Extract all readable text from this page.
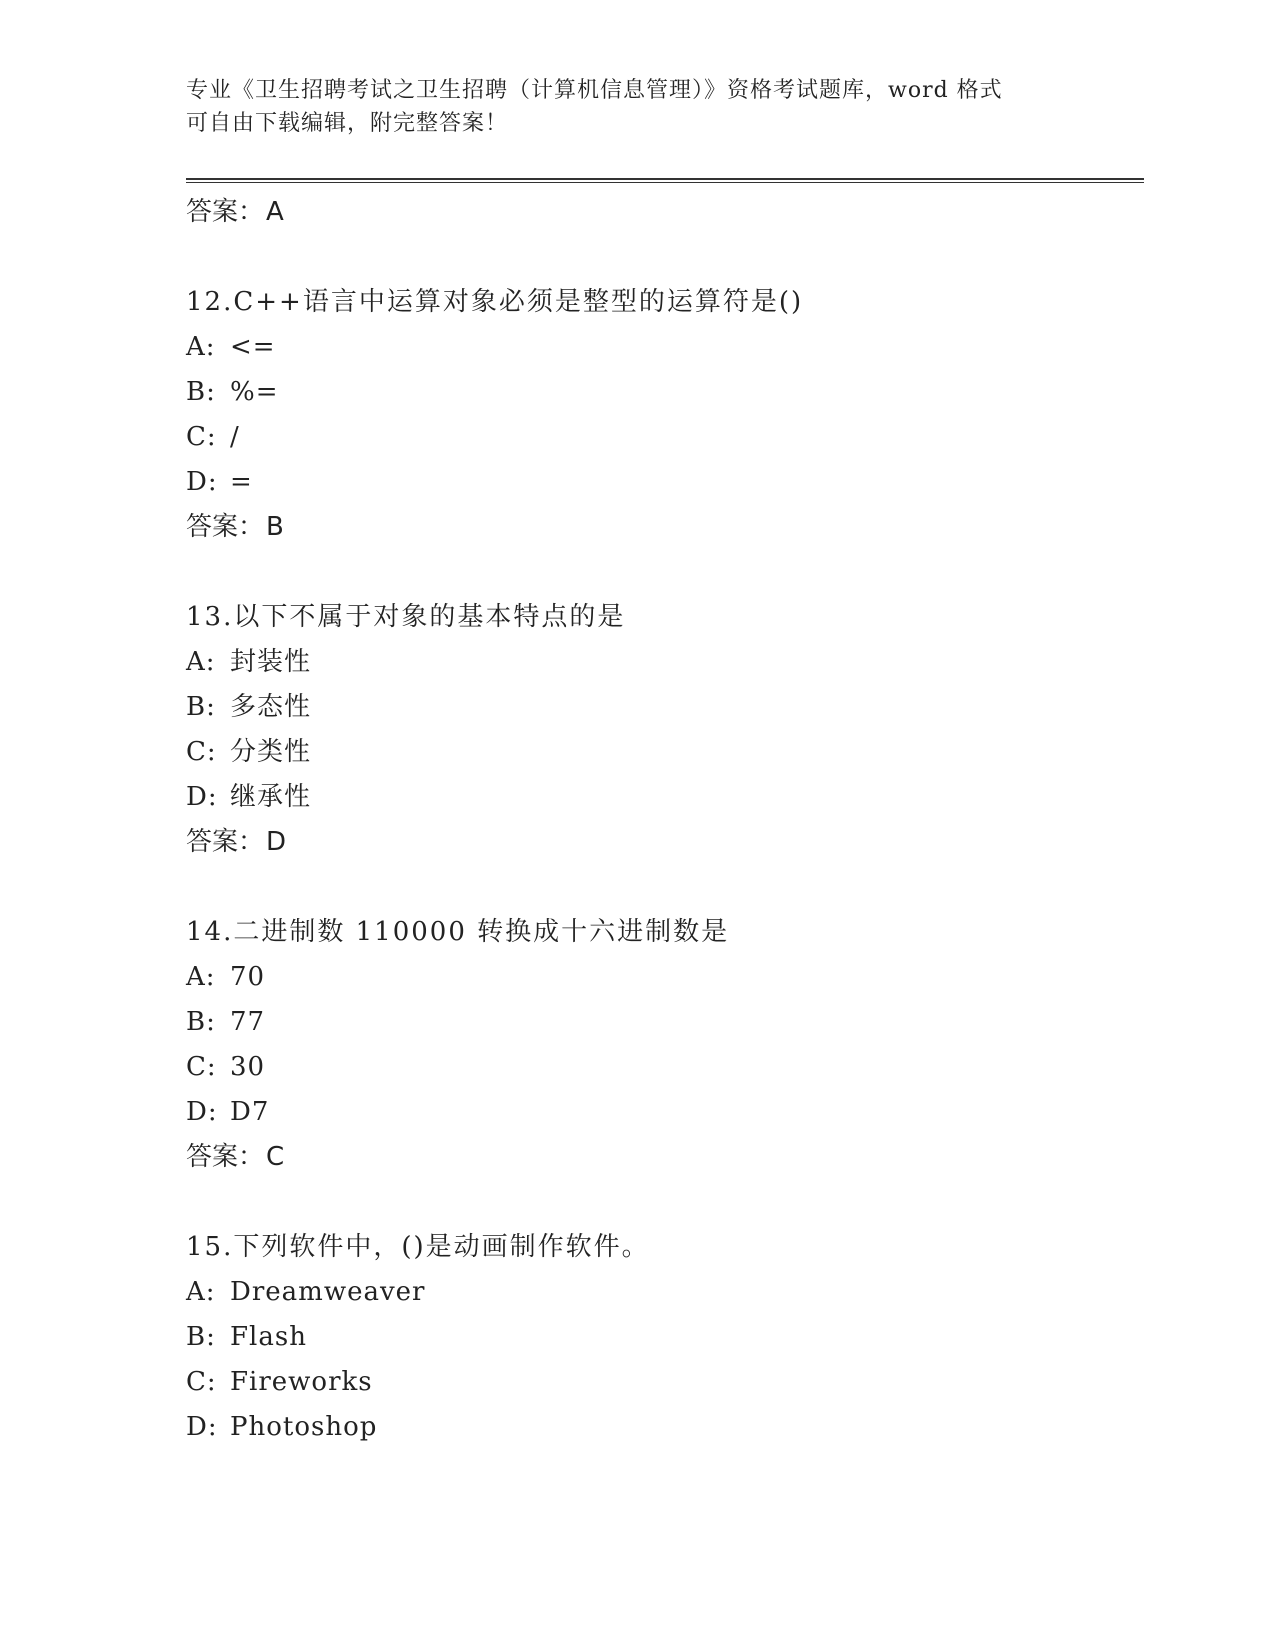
专业《卫生招聘考试之卫生招聘（计算机信息管理）》资格考试题库，word 格式
可自由下载编辑，附完整答案！
答案：A
12.C++语言中运算对象必须是整型的运算符是()
A: <=
B: %=
C: /
D: =
答案：B
13.以下不属于对象的基本特点的是
A: 封装性
B: 多态性
C: 分类性
D: 继承性
答案：D
14.二进制数 110000 转换成十六进制数是
A: 70
B: 77
C: 30
D: D7
答案：C
15.下列软件中，()是动画制作软件。
A: Dreamweaver
B: Flash
C: Fireworks
D: Photoshop
